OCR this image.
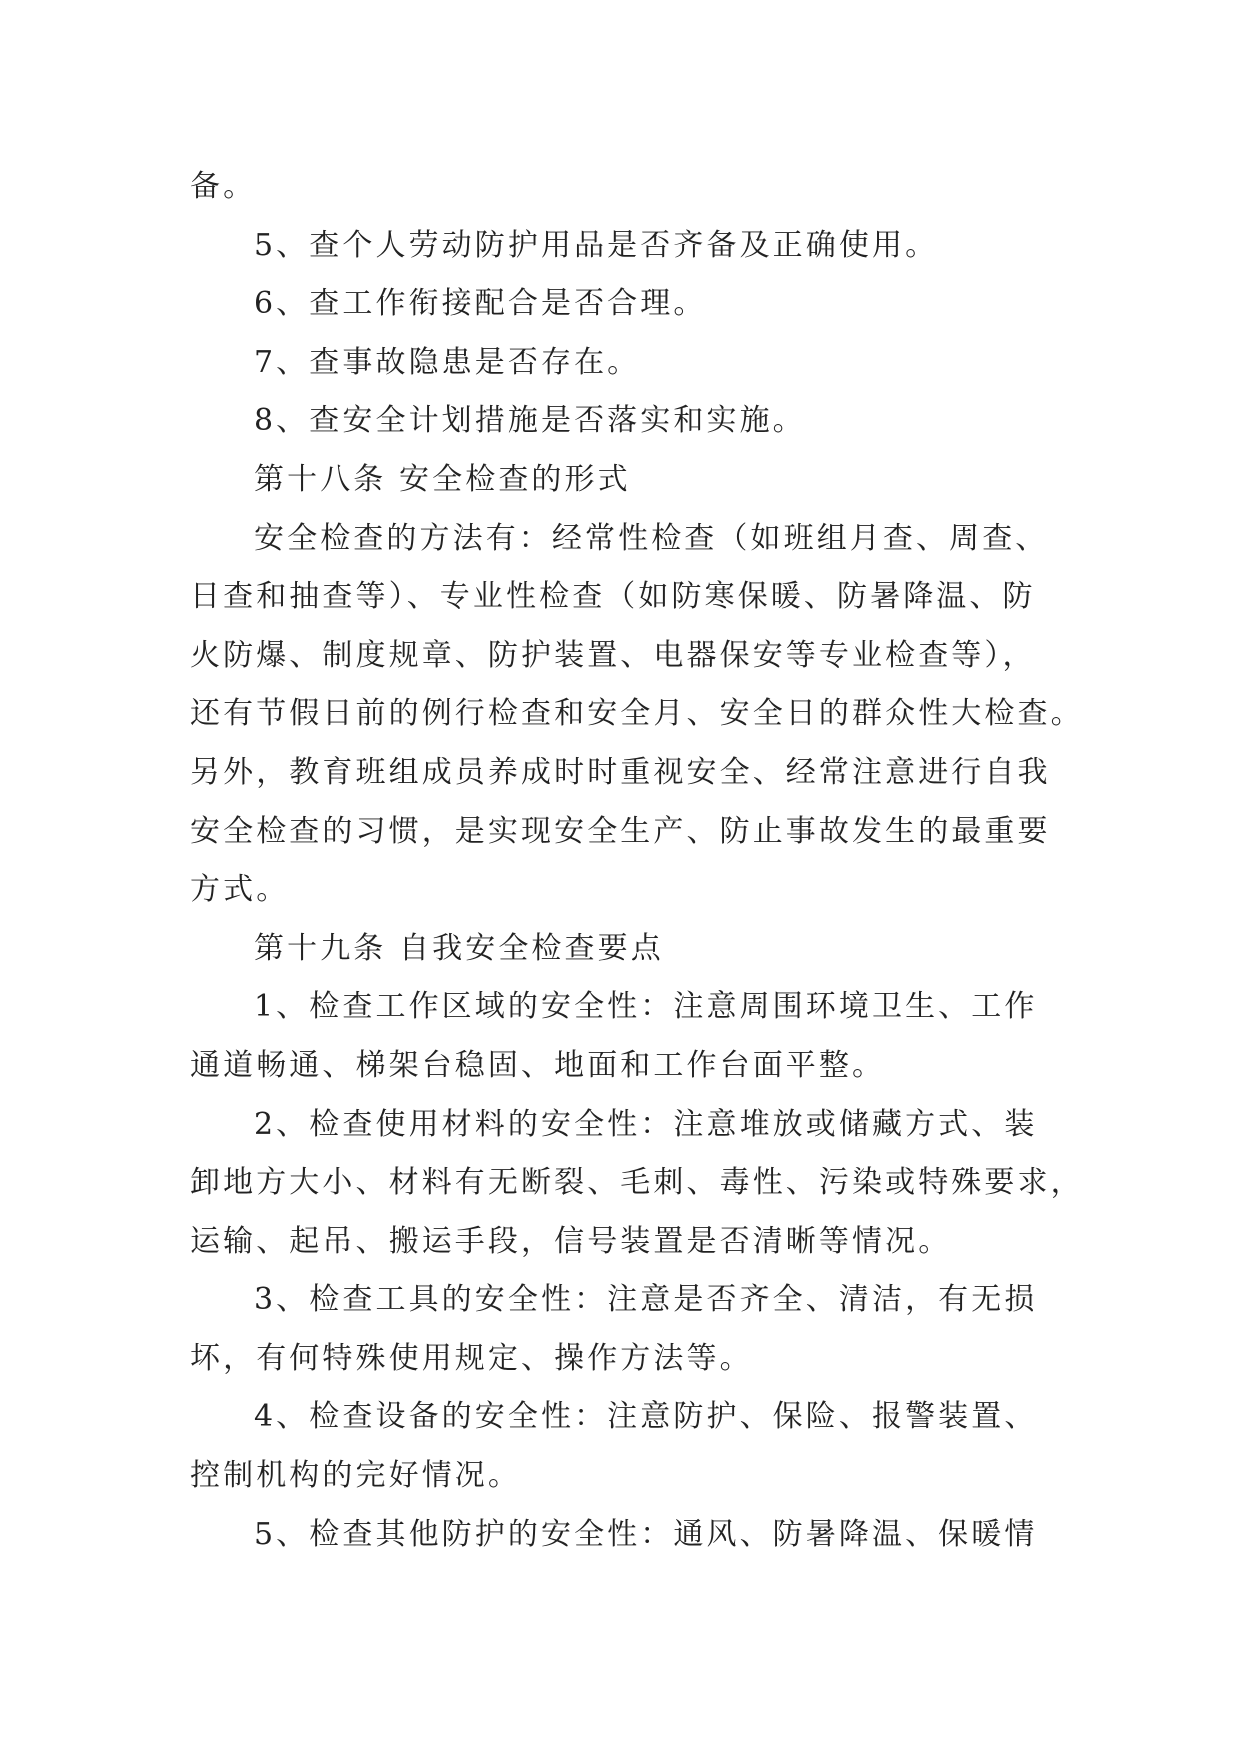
备。
5、查个人劳动防护用品是否齐备及正确使用。
6、查工作衔接配合是否合理。
7、查事故隐患是否存在。
8、查安全计划措施是否落实和实施。
第十八条 安全检查的形式
安全检查的方法有：经常性检查（如班组月查、周查、
日查和抽查等）、专业性检查（如防寒保暖、防暑降温、防
火防爆、制度规章、防护装置、电器保安等专业检查等），
还有节假日前的例行检查和安全月、安全日的群众性大检查。
另外，教育班组成员养成时时重视安全、经常注意进行自我
安全检查的习惯，是实现安全生产、防止事故发生的最重要
方式。
第十九条 自我安全检查要点
1、检查工作区域的安全性：注意周围环境卫生、工作
通道畅通、梯架台稳固、地面和工作台面平整。
2、检查使用材料的安全性：注意堆放或储藏方式、装
卸地方大小、材料有无断裂、毛刺、毒性、污染或特殊要求，
运输、起吊、搬运手段，信号装置是否清晰等情况。
3、检查工具的安全性：注意是否齐全、清洁，有无损
坏，有何特殊使用规定、操作方法等。
4、检查设备的安全性：注意防护、保险、报警装置、
控制机构的完好情况。
5、检查其他防护的安全性：通风、防暑降温、保暖情
